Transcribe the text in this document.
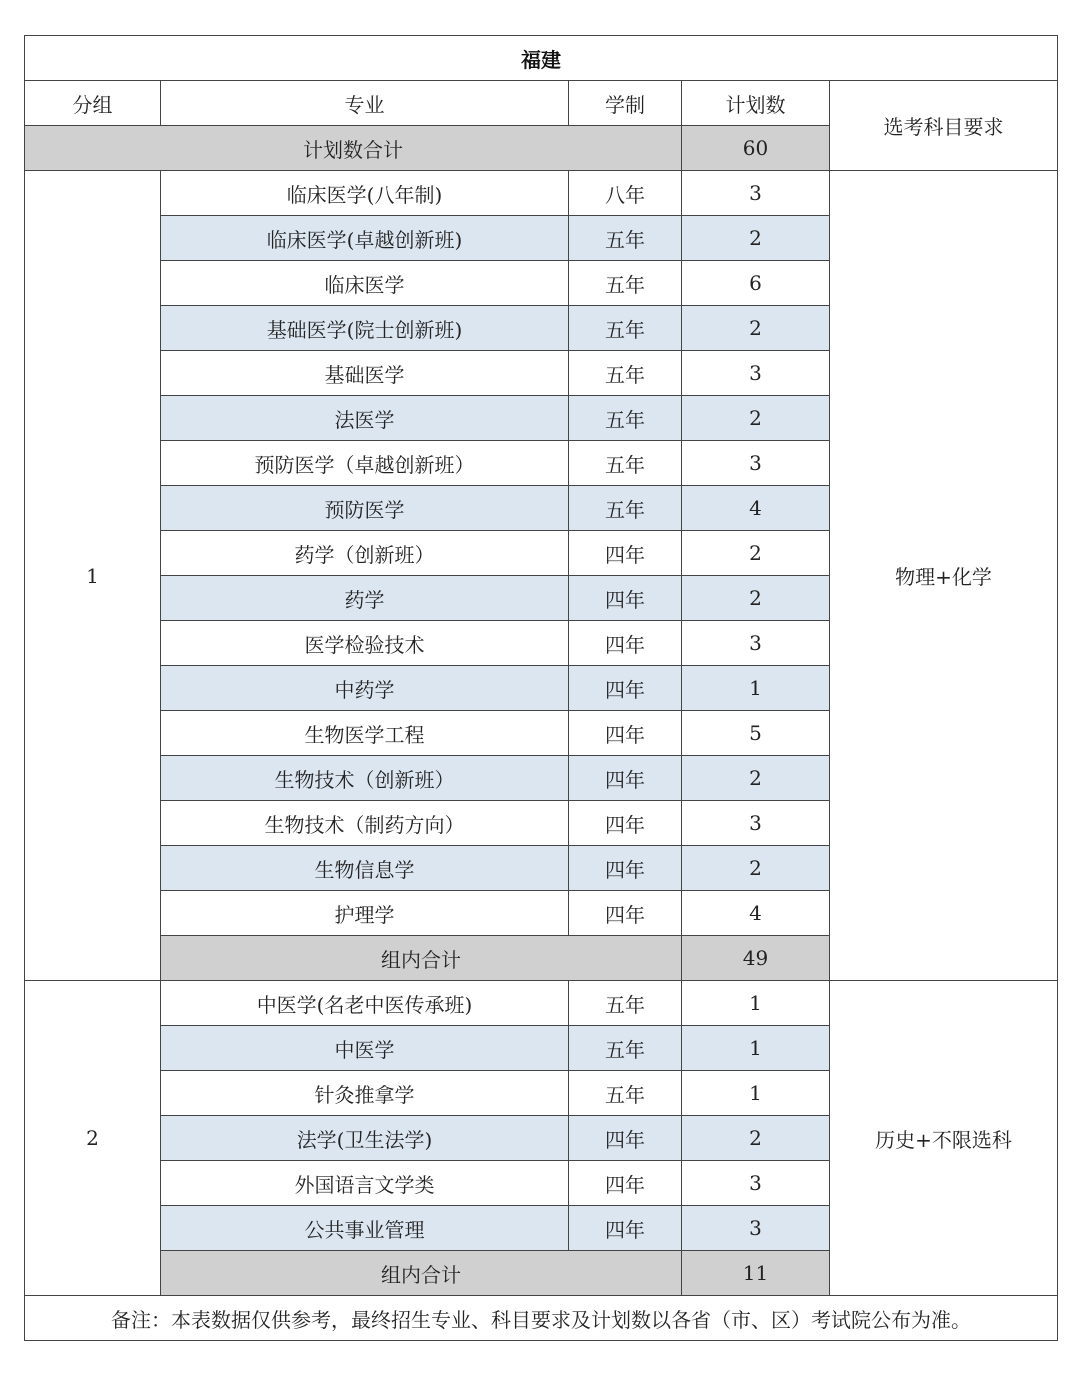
福建				
分组	专业	学制	计划数	选考科目要求
计划数合计			60	
1	临床医学(八年制)	八年	3	物理+化学
	临床医学(卓越创新班)	五年	2	
	临床医学	五年	6	
	基础医学(院士创新班)	五年	2	
	基础医学	五年	3	
	法医学	五年	2	
	预防医学（卓越创新班）	五年	3	
	预防医学	五年	4	
	药学（创新班）	四年	2	
	药学	四年	2	
	医学检验技术	四年	3	
	中药学	四年	1	
	生物医学工程	四年	5	
	生物技术（创新班）	四年	2	
	生物技术（制药方向）	四年	3	
	生物信息学	四年	2	
	护理学	四年	4	
	组内合计		49	
2	中医学(名老中医传承班)	五年	1	历史+不限选科
	中医学	五年	1	
	针灸推拿学	五年	1	
	法学(卫生法学)	四年	2	
	外国语言文学类	四年	3	
	公共事业管理	四年	3	
	组内合计		11	
备注：本表数据仅供参考，最终招生专业、科目要求及计划数以各省（市、区）考试院公布为准。				
